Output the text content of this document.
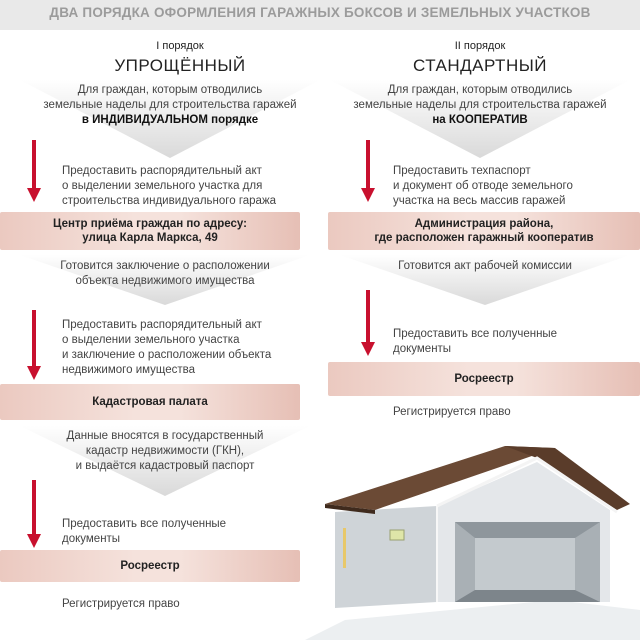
ДВА ПОРЯДКА ОФОРМЛЕНИЯ ГАРАЖНЫХ БОКСОВ И ЗЕМЕЛЬНЫХ УЧАСТКОВ
I порядок
УПРОЩЁННЫЙ
Для граждан, которым отводились
земельные наделы для строительства гаражей
в ИНДИВИДУАЛЬНОМ порядке
Предоставить распорядительный акт
о выделении земельного участка для
строительства индивидуального гаража
Центр приёма граждан по адресу:
улица Карла Маркса, 49
Готовится заключение о расположении
объекта недвижимого имущества
Предоставить распорядительный акт
о выделении земельного участка
и заключение о расположении объекта
недвижимого имущества
Кадастровая палата
Данные вносятся в государственный
кадастр недвижимости (ГКН),
и выдаётся кадастровый паспорт
Предоставить все полученные
документы
Росреестр
Регистрируется право
II порядок
СТАНДАРТНЫЙ
Для граждан, которым отводились
земельные наделы для строительства гаражей
на КООПЕРАТИВ
Предоставить техпаспорт
и документ об отводе земельного
участка на весь массив гаражей
Администрация района,
где расположен гаражный кооператив
Готовится акт рабочей комиссии
Предоставить все полученные
документы
Росреестр
Регистрируется право
